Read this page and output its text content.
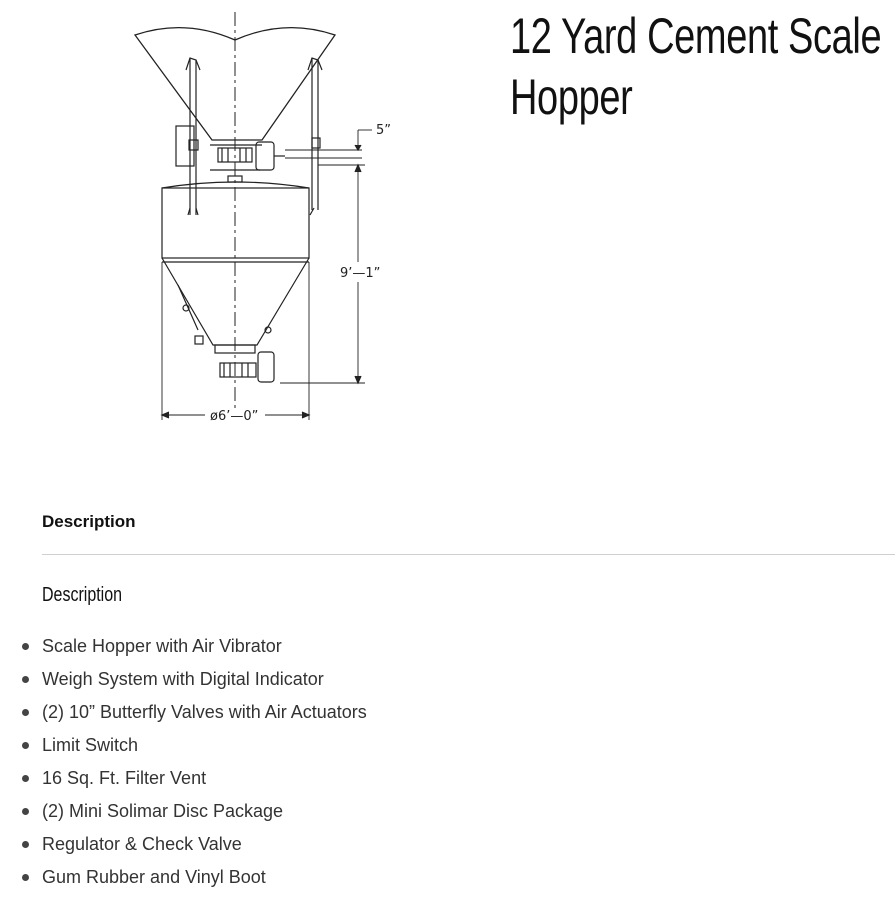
5”
9’—1”
ø6’—0”
12 Yard Cement Scale
Hopper
Description
Description
Scale Hopper with Air Vibrator
Weigh System with Digital Indicator
(2) 10” Butterfly Valves with Air Actuators
Limit Switch
16 Sq. Ft. Filter Vent
(2) Mini Solimar Disc Package
Regulator & Check Valve
Gum Rubber and Vinyl Boot
